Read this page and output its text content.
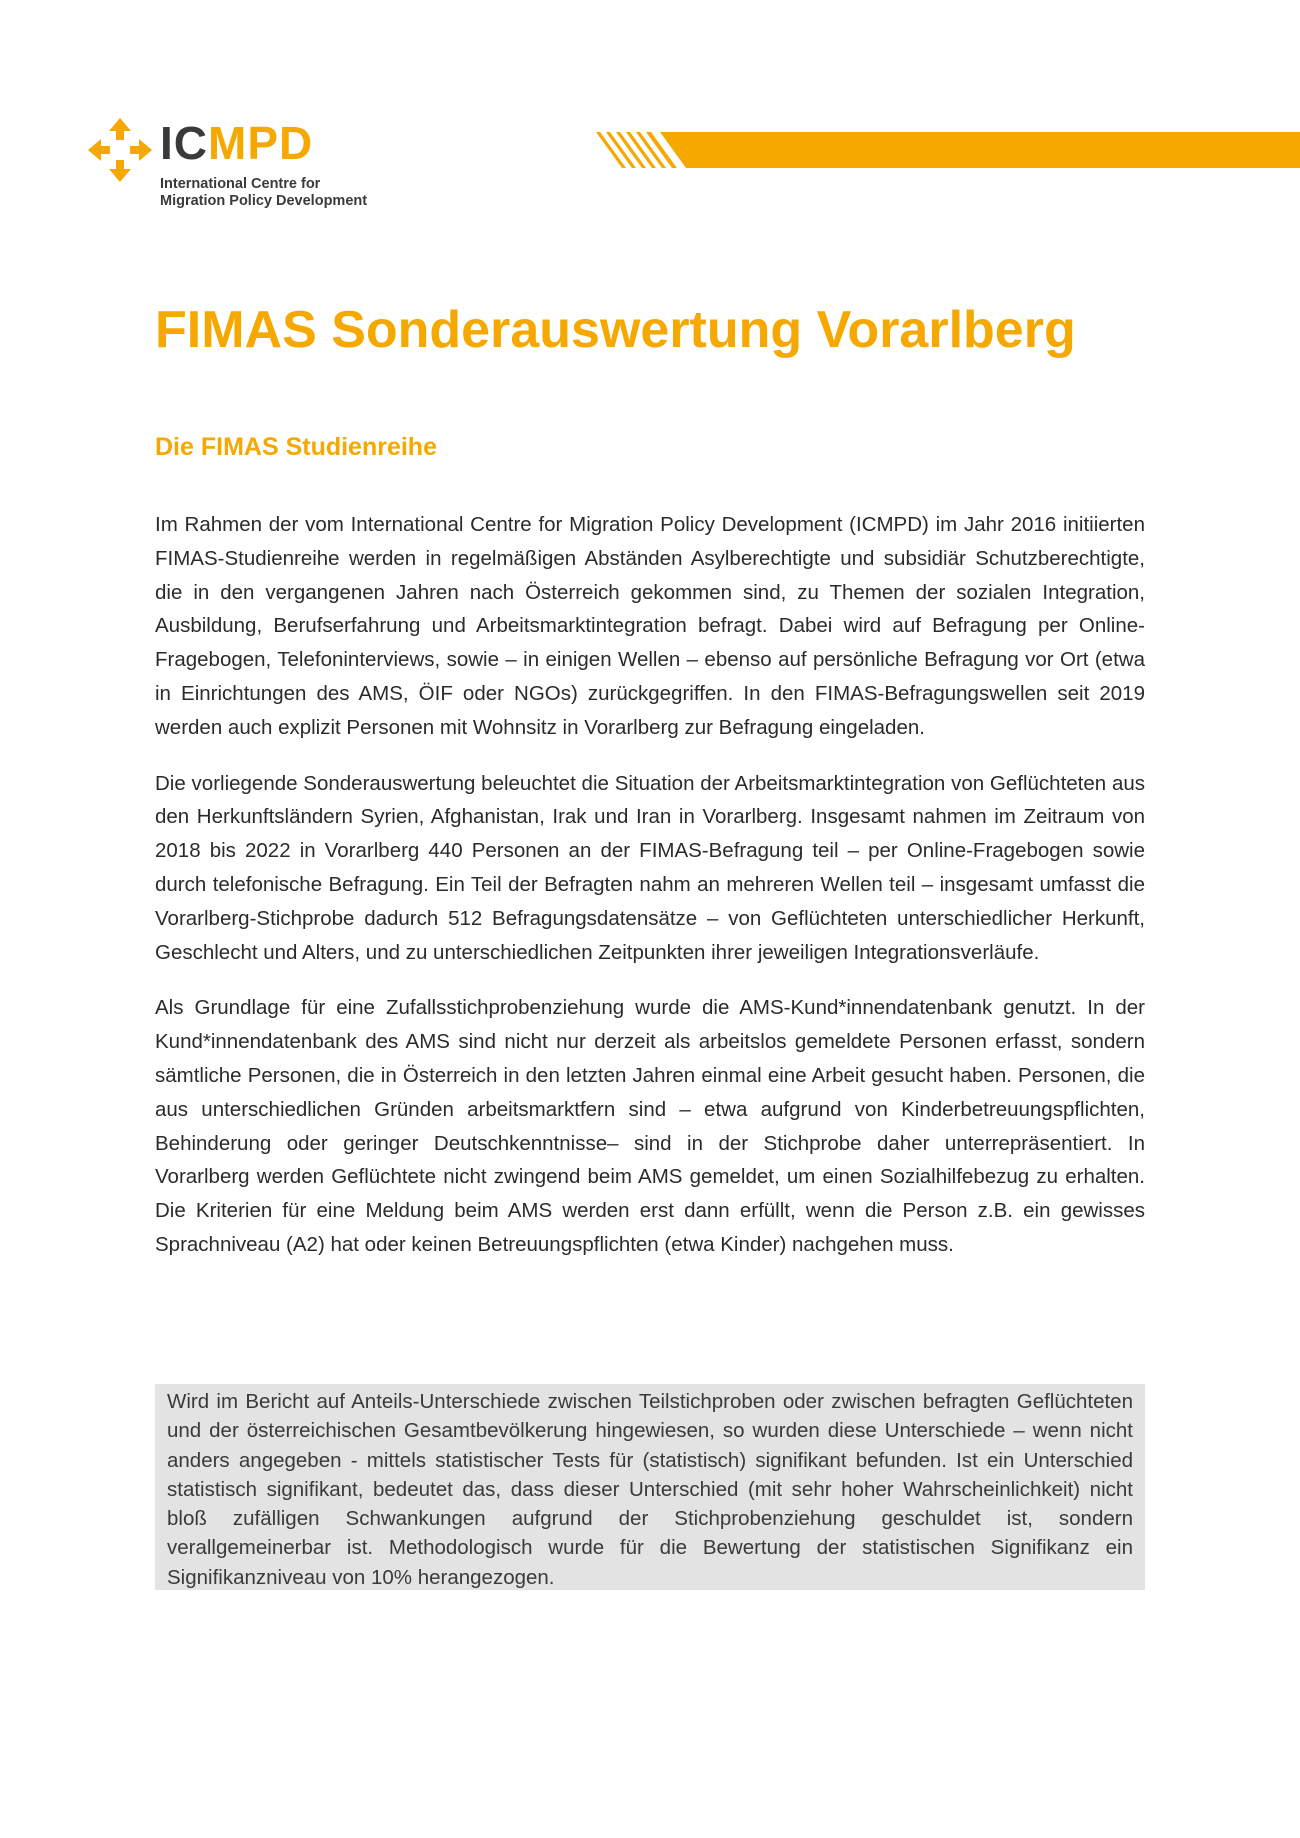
ICMPD
International Centre for
Migration Policy Development
FIMAS Sonderauswertung Vorarlberg
Die FIMAS Studienreihe

Im Rahmen der vom International Centre for Migration Policy Development (ICMPD) im Jahr 2016 initiierten FIMAS-Studienreihe werden in regelmäßigen Abständen Asylberechtigte und subsidiär Schutzberechtigte, die in den vergangenen Jahren nach Österreich gekommen sind, zu Themen der sozialen Integration, Ausbildung, Berufserfahrung und Arbeitsmarktintegration befragt. Dabei wird auf Befragung per Online-Fragebogen, Telefoninterviews, sowie – in einigen Wellen – ebenso auf persönliche Befragung vor Ort (etwa in Einrichtungen des AMS, ÖIF oder NGOs) zurückgegriffen. In den FIMAS-Befragungswellen seit 2019 werden auch explizit Personen mit Wohnsitz in Vorarlberg zur Befragung eingeladen.

Die vorliegende Sonderauswertung beleuchtet die Situation der Arbeitsmarktintegration von Geflüchteten aus den Herkunftsländern Syrien, Afghanistan, Irak und Iran in Vorarlberg. Insgesamt nahmen im Zeitraum von 2018 bis 2022 in Vorarlberg 440 Personen an der FIMAS-Befragung teil – per Online-Fragebogen sowie durch telefonische Befragung. Ein Teil der Befragten nahm an mehreren Wellen teil – insgesamt umfasst die Vorarlberg-Stichprobe dadurch 512 Befragungsdatensätze – von Geflüchteten unterschiedlicher Herkunft, Geschlecht und Alters, und zu unterschiedlichen Zeitpunkten ihrer jeweiligen Integrationsverläufe.

Als Grundlage für eine Zufallsstichprobenziehung wurde die AMS-Kund*innendatenbank genutzt. In der Kund*innendatenbank des AMS sind nicht nur derzeit als arbeitslos gemeldete Personen erfasst, sondern sämtliche Personen, die in Österreich in den letzten Jahren einmal eine Arbeit gesucht haben. Personen, die aus unterschiedlichen Gründen arbeitsmarktfern sind – etwa aufgrund von Kinderbetreuungspflichten, Behinderung oder geringer Deutschkenntnisse– sind in der Stichprobe daher unterrepräsentiert. In Vorarlberg werden Geflüchtete nicht zwingend beim AMS gemeldet, um einen Sozialhilfebezug zu erhalten. Die Kriterien für eine Meldung beim AMS werden erst dann erfüllt, wenn die Person z.B. ein gewisses Sprachniveau (A2) hat oder keinen Betreuungspflichten (etwa Kinder) nachgehen muss.

Wird im Bericht auf Anteils-Unterschiede zwischen Teilstichproben oder zwischen befragten Geflüchteten und der österreichischen Gesamtbevölkerung hingewiesen, so wurden diese Unterschiede – wenn nicht anders angegeben - mittels statistischer Tests für (statistisch) signifikant befunden. Ist ein Unterschied statistisch signifikant, bedeutet das, dass dieser Unterschied (mit sehr hoher Wahrscheinlichkeit) nicht bloß zufälligen Schwankungen aufgrund der Stichprobenziehung geschuldet ist, sondern verallgemeinerbar ist. Methodologisch wurde für die Bewertung der statistischen Signifikanz ein Signifikanzniveau von 10% herangezogen.
